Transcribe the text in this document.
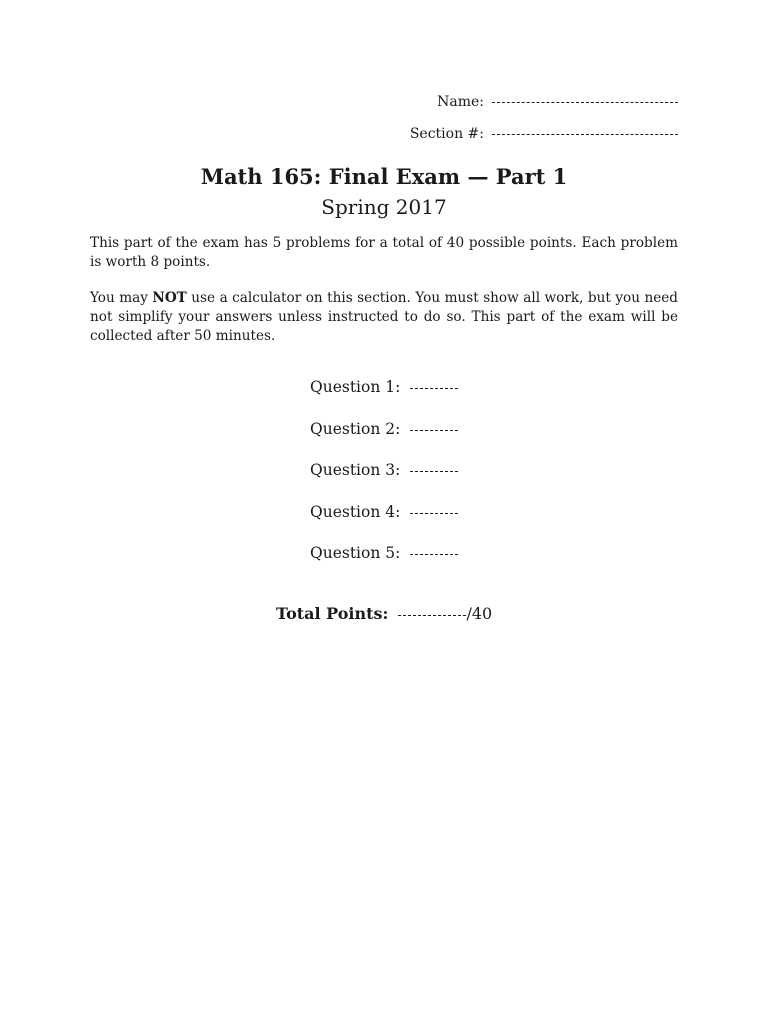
Name:
Section #:
Math 165: Final Exam — Part 1
Spring 2017
This part of the exam has 5 problems for a total of 40 possible points. Each problem is worth 8 points.
You may NOT use a calculator on this section. You must show all work, but you need not simplify your answers unless instructed to do so. This part of the exam will be collected after 50 minutes.
Question 1:
Question 2:
Question 3:
Question 4:
Question 5:
Total Points:	/40
